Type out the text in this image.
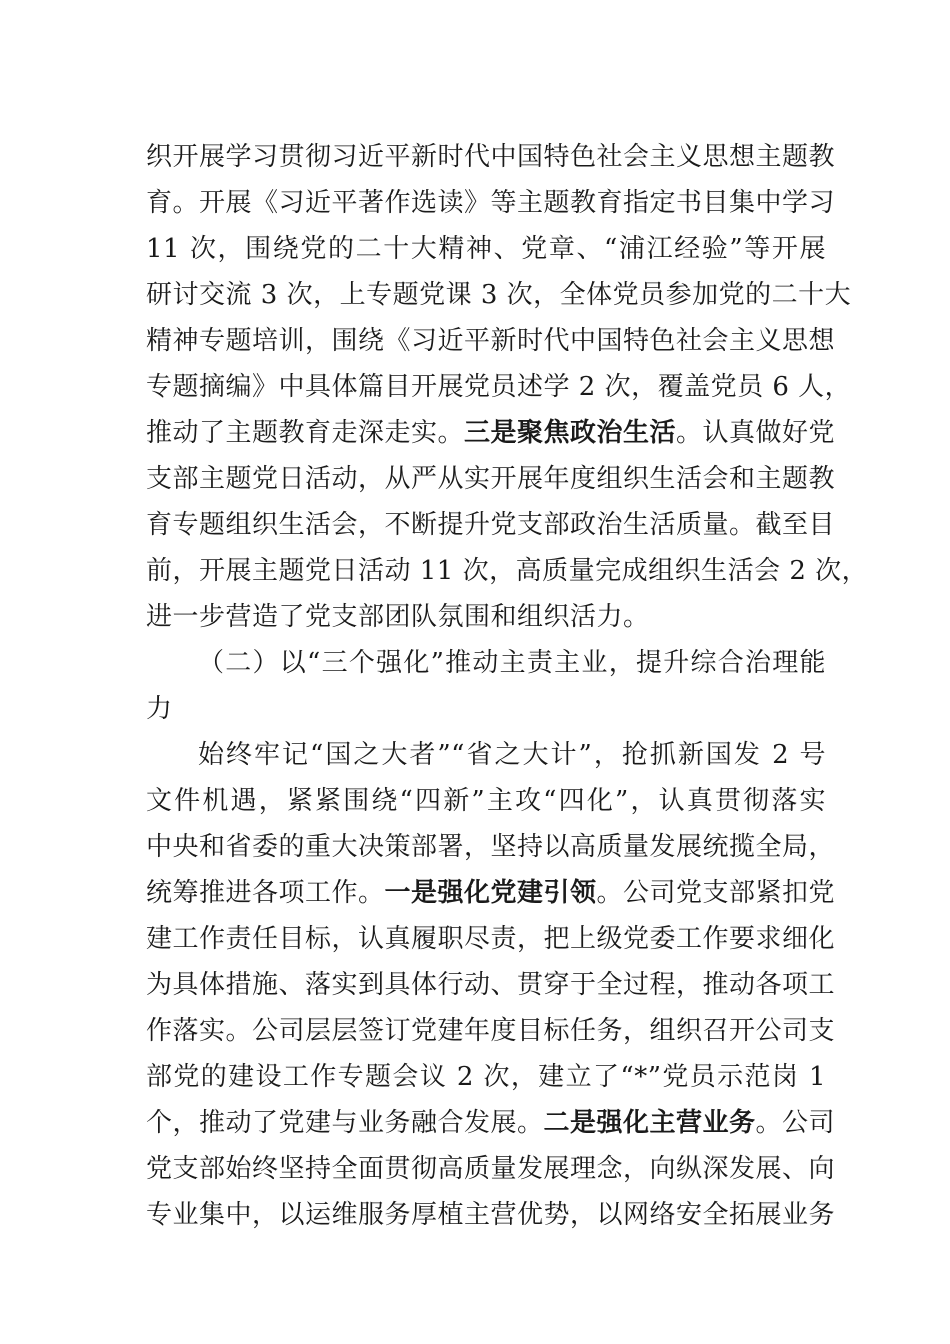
织开展学习贯彻习近平新时代中国特色社会主义思想主题教
育。开展《习近平著作选读》等主题教育指定书目集中学习
11 次，围绕党的二十大精神、党章、“浦江经验”等开展
研讨交流 3 次，上专题党课 3 次，全体党员参加党的二十大
精神专题培训，围绕《习近平新时代中国特色社会主义思想
专题摘编》中具体篇目开展党员述学 2 次，覆盖党员 6 人，
推动了主题教育走深走实。三是聚焦政治生活。认真做好党
支部主题党日活动，从严从实开展年度组织生活会和主题教
育专题组织生活会，不断提升党支部政治生活质量。截至目
前，开展主题党日活动 11 次，高质量完成组织生活会 2 次，
进一步营造了党支部团队氛围和组织活力。
（二）以“三个强化”推动主责主业，提升综合治理能
力
始终牢记“国之大者”“省之大计”，抢抓新国发 2 号
文件机遇，紧紧围绕“四新”主攻“四化”，认真贯彻落实
中央和省委的重大决策部署，坚持以高质量发展统揽全局，
统筹推进各项工作。一是强化党建引领。公司党支部紧扣党
建工作责任目标，认真履职尽责，把上级党委工作要求细化
为具体措施、落实到具体行动、贯穿于全过程，推动各项工
作落实。公司层层签订党建年度目标任务，组织召开公司支
部党的建设工作专题会议 2 次，建立了“*”党员示范岗 1
个，推动了党建与业务融合发展。二是强化主营业务。公司
党支部始终坚持全面贯彻高质量发展理念，向纵深发展、向
专业集中，以运维服务厚植主营优势，以网络安全拓展业务
